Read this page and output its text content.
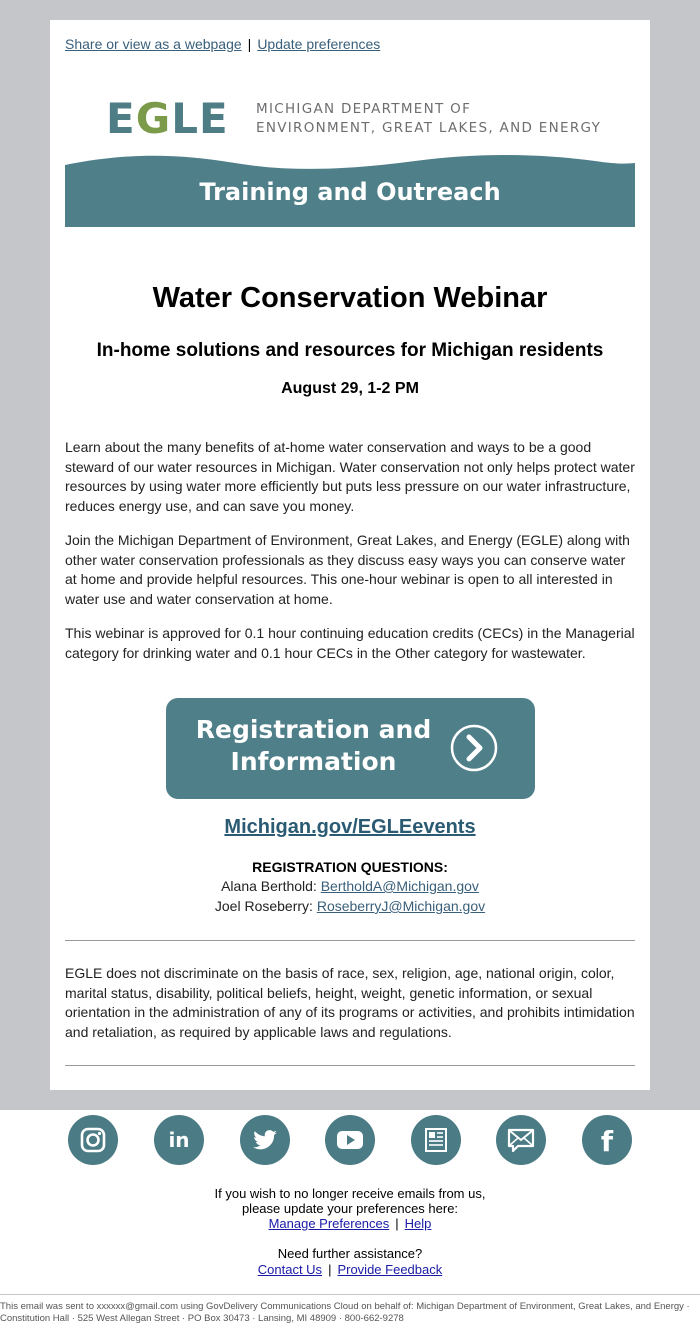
Share or view as a webpage | Update preferences
EGLE MICHIGAN DEPARTMENT OF
ENVIRONMENT, GREAT LAKES, AND ENERGY
Training and Outreach
Water Conservation Webinar
In-home solutions and resources for Michigan residents
August 29, 1-2 PM
Learn about the many benefits of at-home water conservation and ways to be a good steward of our water resources in Michigan. Water conservation not only helps protect water resources by using water more efficiently but puts less pressure on our water infrastructure, reduces energy use, and can save you money.
Join the Michigan Department of Environment, Great Lakes, and Energy (EGLE) along with other water conservation professionals as they discuss easy ways you can conserve water at home and provide helpful resources. This one-hour webinar is open to all interested in water use and water conservation at home.
This webinar is approved for 0.1 hour continuing education credits (CECs) in the Managerial category for drinking water and 0.1 hour CECs in the Other category for wastewater.
Registration and
Information
Michigan.gov/EGLEevents
REGISTRATION QUESTIONS:
Alana Berthold: BertholdA@Michigan.gov
Joel Roseberry: RoseberryJ@Michigan.gov
EGLE does not discriminate on the basis of race, sex, religion, age, national origin, color, marital status, disability, political beliefs, height, weight, genetic information, or sexual orientation in the administration of any of its programs or activities, and prohibits intimidation and retaliation, as required by applicable laws and regulations.
in	f
If you wish to no longer receive emails from us,
please update your preferences here:
Manage Preferences | Help
Need further assistance?
Contact Us | Provide Feedback
This email was sent to xxxxxx@gmail.com using GovDelivery Communications Cloud on behalf of: Michigan Department of Environment, Great Lakes, and Energy · Constitution Hall · 525 West Allegan Street · PO Box 30473 · Lansing, MI 48909 · 800-662-9278
